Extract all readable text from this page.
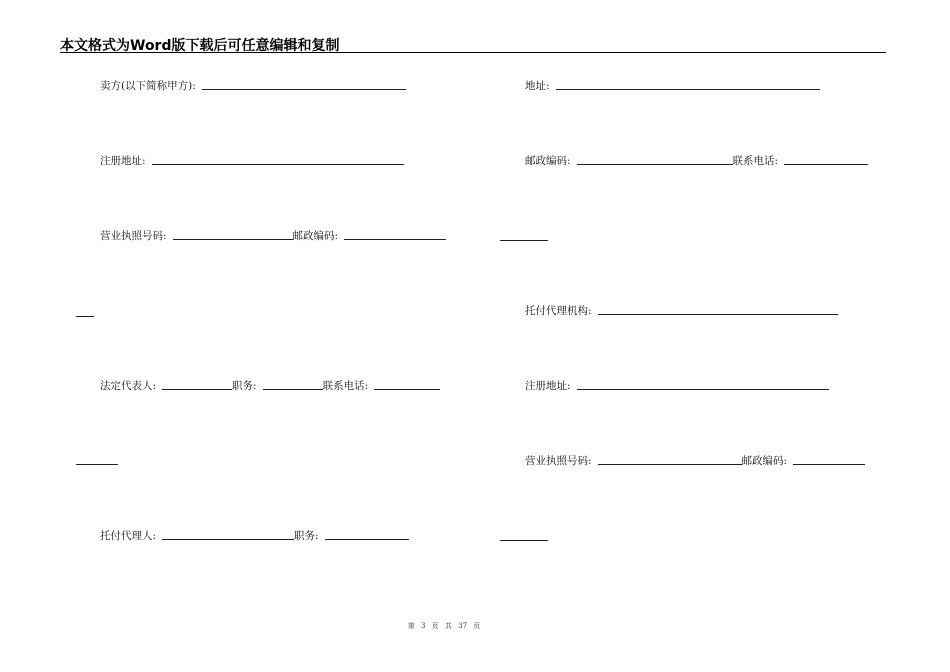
本文格式为Word版下载后可任意编辑和复制
卖方(以下简称甲方):
注册地址:
营业执照号码:	邮政编码:
法定代表人:	职务:	联系电话:
托付代理人:	职务:
地址:
邮政编码:	联系电话:
托付代理机构:
注册地址:
营业执照号码:	邮政编码:
第 3 页 共 37 页
